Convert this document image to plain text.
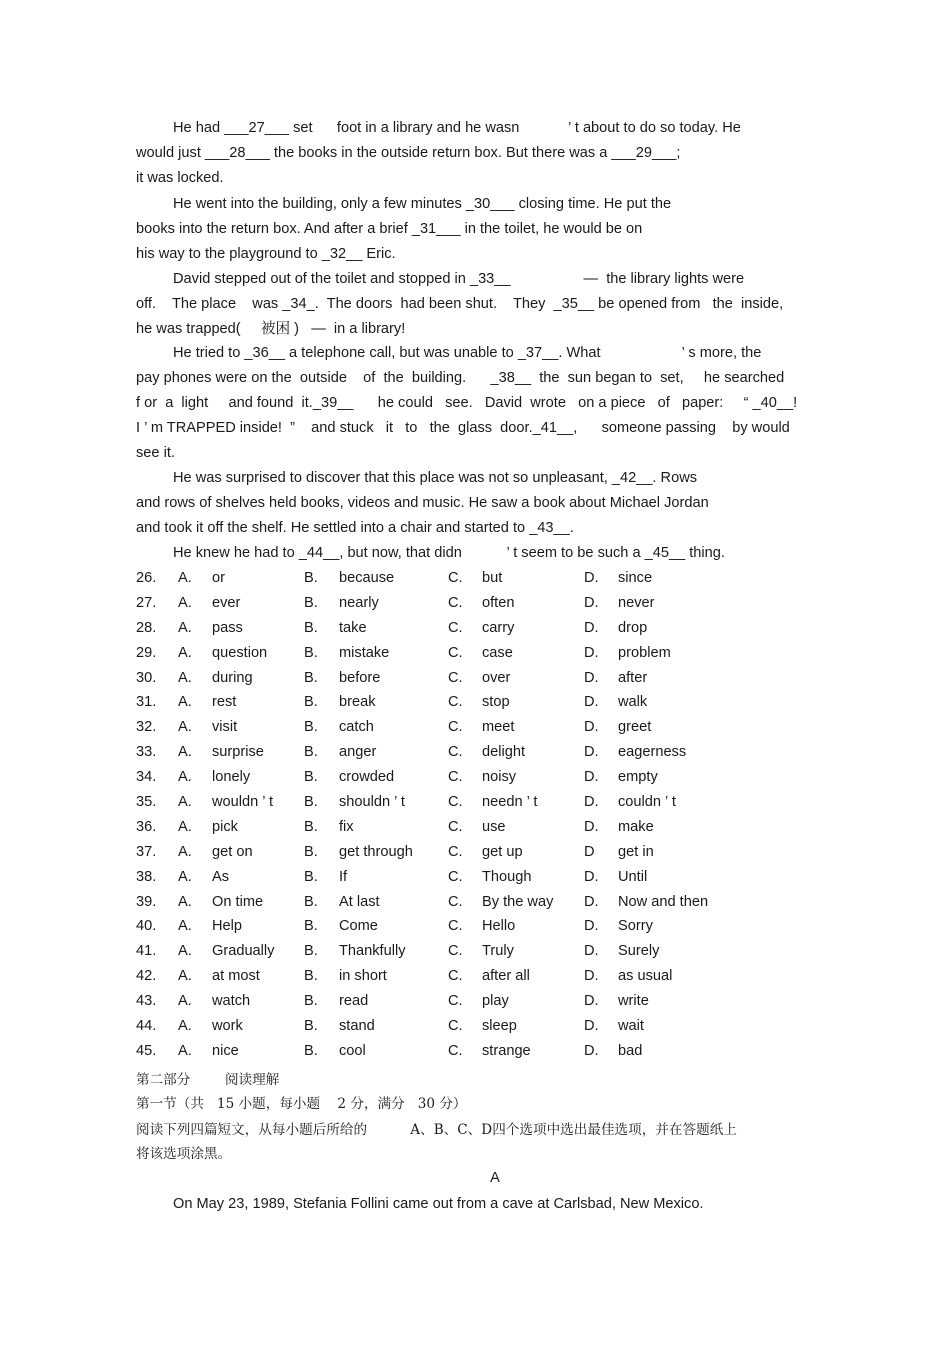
He had ___27___ set      foot in a library and he wasn            ’ t about to do so today. He
would just ___28___ the books in the outside return box. But there was a ___29___;
it was locked.

He went into the building, only a few minutes _30___ closing time. He put the
books into the return box. And after a brief _31___ in the toilet, he would be on
his way to the playground to _32__ Eric.

David stepped out of the toilet and stopped in _33__                  —  the library lights were
off.    The place    was _34_.  The doors  had been shut.    They  _35__ be opened from   the  inside,
he was trapped(     被困 )   —  in a library!

He tried to _36__ a telephone call, but was unable to _37__. What                    ’ s more, the
pay phones were on the  outside    of  the  building.      _38__  the  sun began to  set,     he searched
f or  a  light     and found  it._39__      he could   see.   David  wrote   on a piece   of   paper:     “ _40__!
I ’ m TRAPPED inside!  ”    and stuck   it   to   the  glass  door._41__,      someone passing    by would
see it.

He was surprised to discover that this place was not so unpleasant, _42__. Rows
and rows of shelves held books, videos and music. He saw a book about Michael Jordan
and took it off the shelf. He settled into a chair and started to _43__.

He knew he had to _44__, but now, that didn           ’ t seem to be such a _45__ thing.

26. A. or	B. because	C. but	D. since
27. A. ever	B. nearly	C. often	D. never
28. A. pass	B. take	C. carry	D. drop
29. A. question	B. mistake	C. case	D. problem
30. A. during	B. before	C. over	D. after
31. A. rest	B. break	C. stop	D. walk
32. A. visit	B. catch	C. meet	D. greet
33. A. surprise	B. anger	C. delight	D. eagerness
34. A. lonely	B. crowded	C. noisy	D. empty
35. A. wouldn ’ t B. shouldn ’ t	C. needn ’ t	D. couldn ’ t
36. A. pick	B. fix	C. use	D. make
37. A. get on	B. get through C. get up	D get in
38. A. As	B. If	C. Though	D. Until
39. A. On time	B. At last	C. By the way D. Now and then
40. A. Help	B. Come	C. Hello	D. Sorry
41. A. Gradually B. Thankfully	C. Truly	D. Surely
42. A. at most	B. in short	C. after all	D. as usual
43. A. watch	B. read	C. play	D. write
44. A. work	B. stand	C. sleep	D. wait
45. A. nice	B. cool	C. strange	D. bad

第二部分        阅读理解

第一节（共   15 小题，每小题    2 分，满分   30 分）

阅读下列四篇短文，从每小题后所给的          A、B、C、D四个选项中选出最佳选项，并在答题纸上

将该选项涂黑。

A

On May 23, 1989, Stefania Follini came out from a cave at Carlsbad, New Mexico.
